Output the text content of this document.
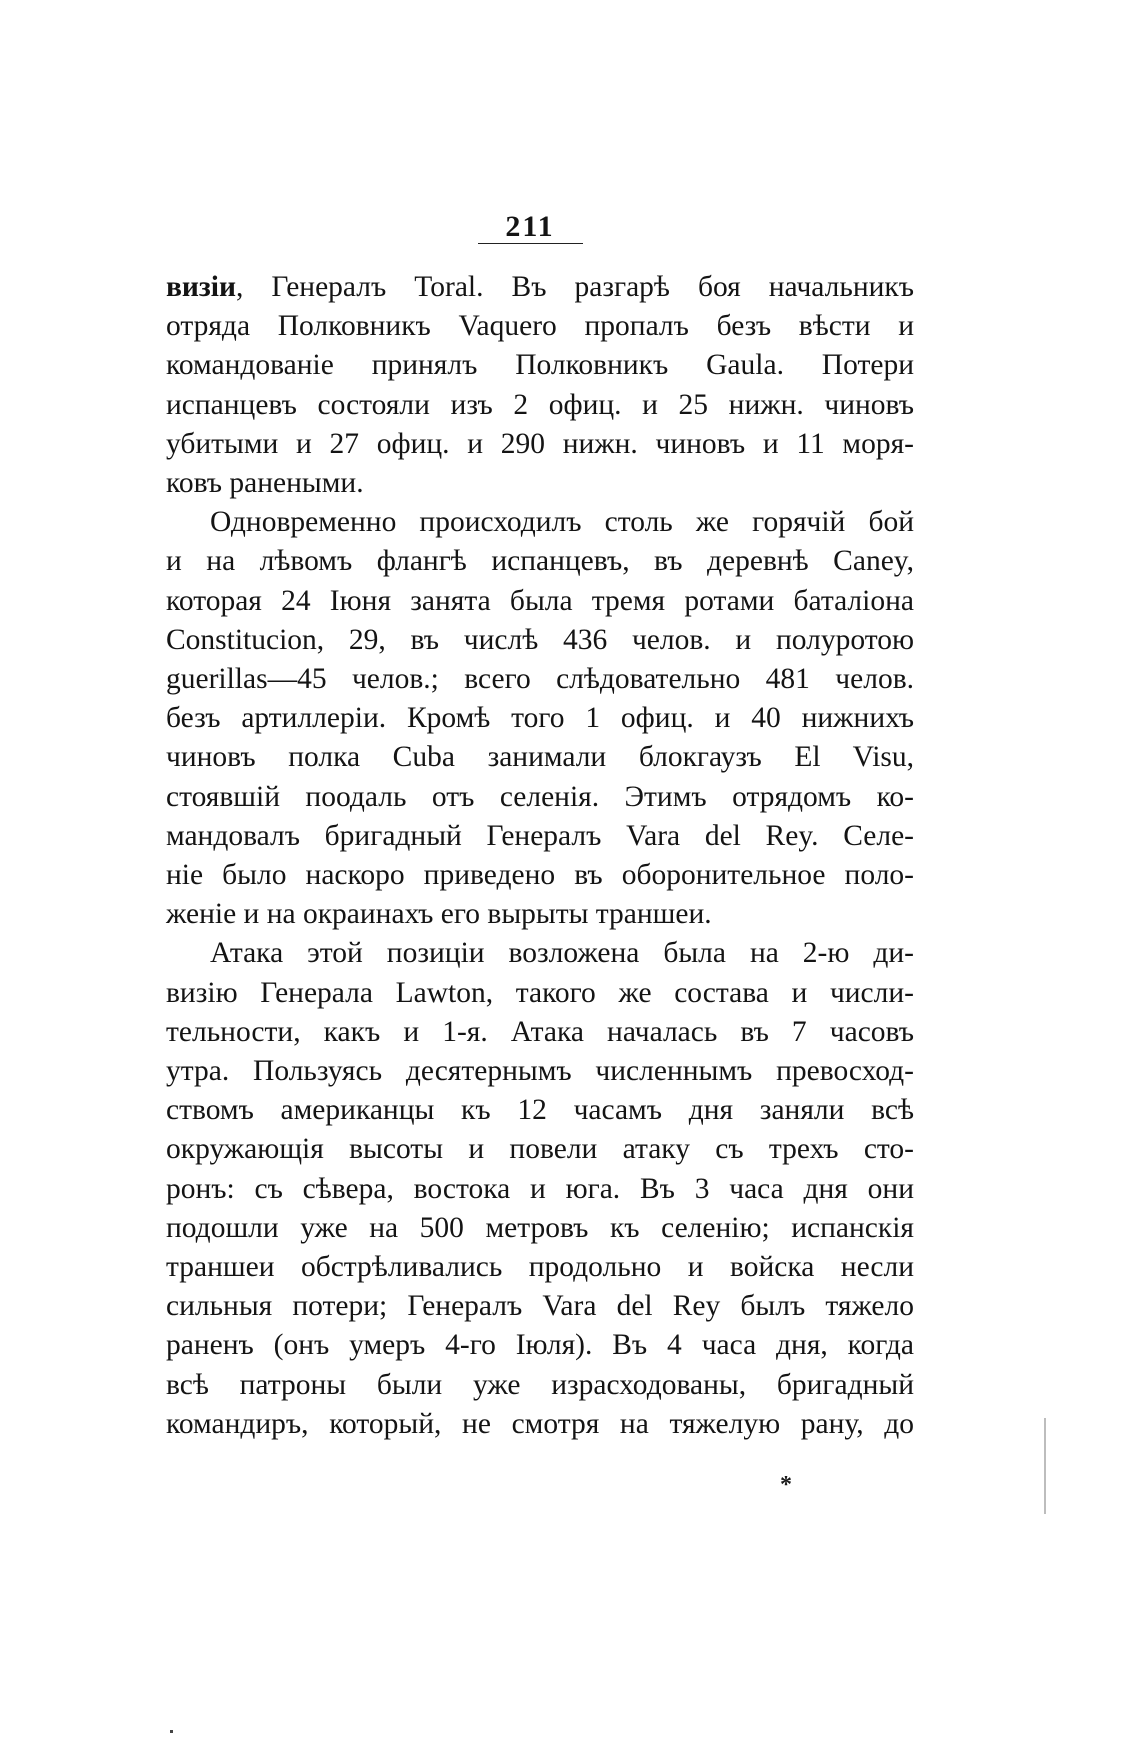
211
визіи, Генералъ Toral. Въ разгарѣ боя начальникъ
отряда Полковникъ Vaquero пропалъ безъ вѣсти и
командованіе принялъ Полковникъ Gaula. Потери
испанцевъ состояли изъ 2 офиц. и 25 нижн. чиновъ
убитыми и 27 офиц. и 290 нижн. чиновъ и 11 моря-
ковъ ранеными.
Одновременно происходилъ столь же горячій бой
и на лѣвомъ флангѣ испанцевъ, въ деревнѣ Caney,
которая 24 Іюня занята была тремя ротами баталіона
Constitucion, 29, въ числѣ 436 челов. и полуротою
guerillas—45 челов.; всего слѣдовательно 481 челов.
безъ артиллеріи. Кромѣ того 1 офиц. и 40 нижнихъ
чиновъ полка Cuba занимали блокгаузъ El Visu,
стоявшій поодаль отъ селенія. Этимъ отрядомъ ко-
мандовалъ бригадный Генералъ Vara del Rey. Селе-
ніе было наскоро приведено въ оборонительное поло-
женіе и на окраинахъ его вырыты траншеи.
Атака этой позиціи возложена была на 2-ю ди-
визію Генерала Lawton, такого же состава и числи-
тельности, какъ и 1-я. Атака началась въ 7 часовъ
утра. Пользуясь десятернымъ численнымъ превосход-
ствомъ американцы къ 12 часамъ дня заняли всѣ
окружающія высоты и повели атаку съ трехъ сто-
ронъ: съ сѣвера, востока и юга. Въ 3 часа дня они
подошли уже на 500 метровъ къ селенію; испанскія
траншеи обстрѣливались продольно и войска несли
сильныя потери; Генералъ Vara del Rey былъ тяжело
раненъ (онъ умеръ 4-го Іюля). Въ 4 часа дня, когда
всѣ патроны были уже израсходованы, бригадный
командиръ, который, не смотря на тяжелую рану, до
*
